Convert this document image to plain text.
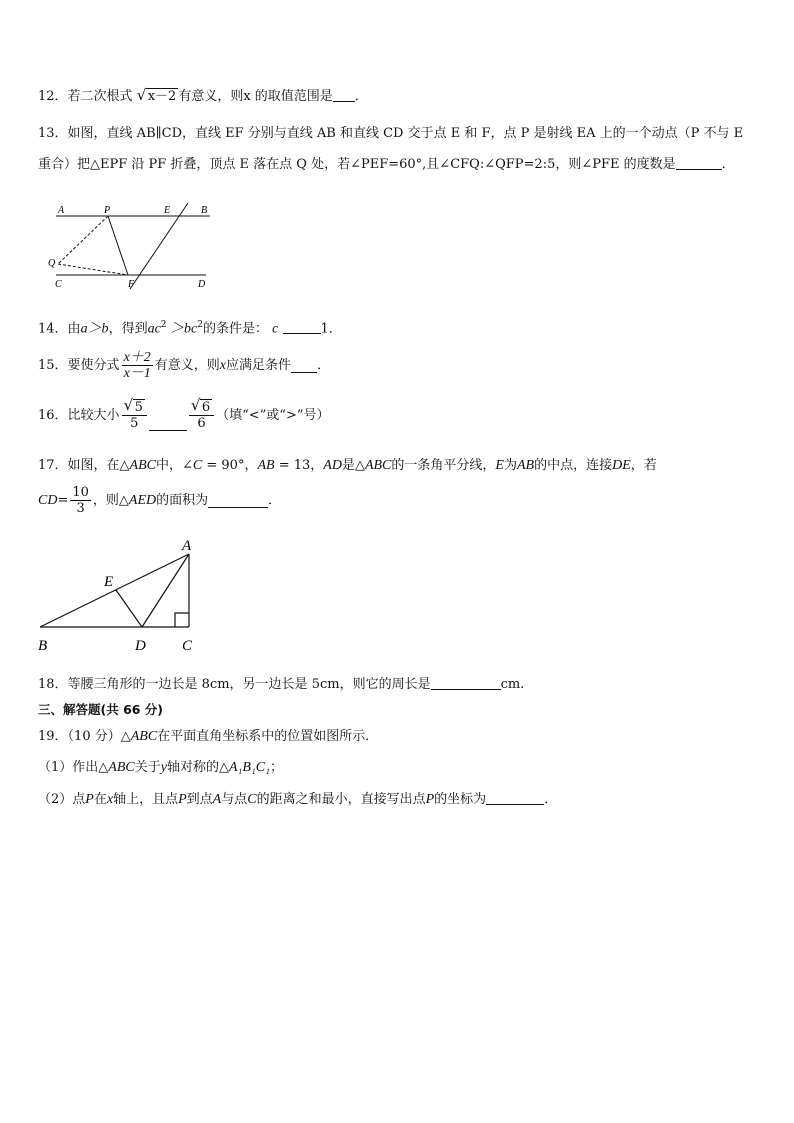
12．若二次根式 √ x－2 有意义，则x 的取值范围是 ．
13．如图，直线 AB∥CD，直线 EF 分别与直线 AB 和直线 CD 交于点 E 和 F，点 P 是射线 EA 上的一个动点（P 不与 E
重合）把△EPF 沿 PF 折叠，顶点 E 落在点 Q 处，若∠PEF=60°,且∠CFQ:∠QFP=2:5，则∠PFE 的度数是	．
A	P	E	B
Q
C	F	D
14．由a＞b，得到$ac^2 >bc^2$的条件是： c	1．
15． 要使分式 $\frac{x+2}{x-1}$ 有意义，则 x 应满足条件 ．
16． 比较大小 $\frac{√ 5}{5}$	$\frac{√ 6}{6}$ （填“<”或“>”号）
17．如图，在△ABC中，∠C = 90°，AB = 13，AD是△ABC的一条角平分线，E为AB的中点，连接DE，若
CD = $\frac{10}{3}$ ，则△ AED 的面积为	．
A
E
B	D C
18．等腰三角形的一边长是 8cm，另一边长是 5cm，则它的周长是	cm.
三、解答题(共 66 分)
19．（10 分）△ABC在平面直角坐标系中的位置如图所示．
（1）作出△ABC关于y轴对称的△A₁B₁C₁；
（2）点P在x轴上，且点P到点A与点C的距离之和最小，直接写出点P的坐标为	．
